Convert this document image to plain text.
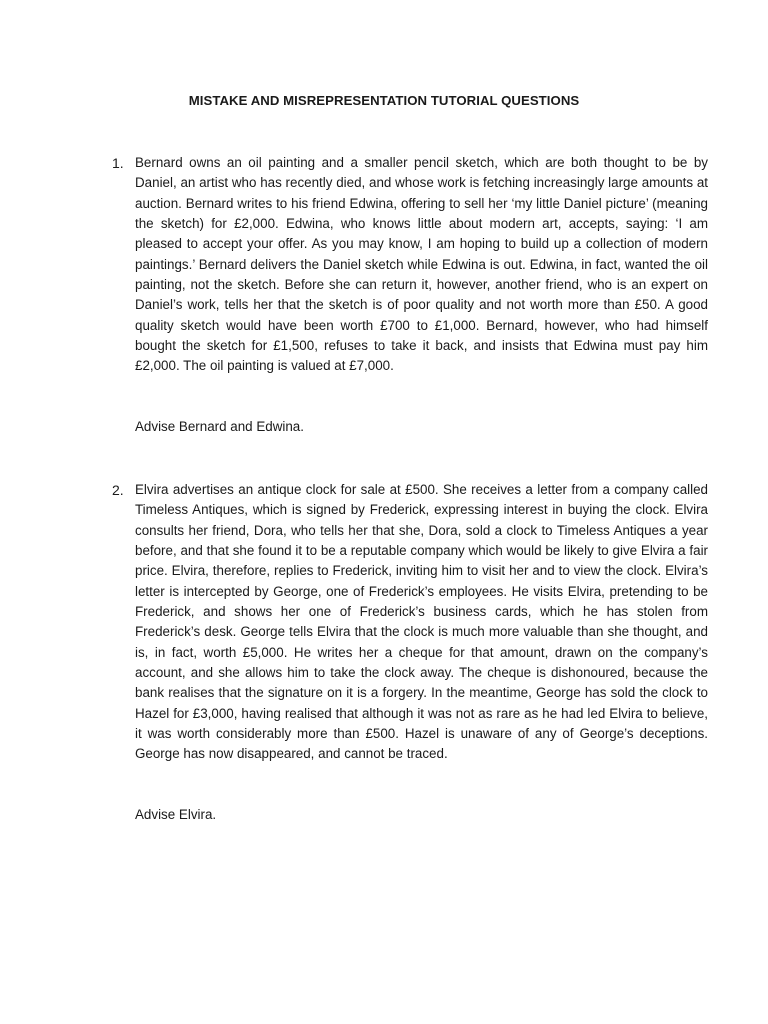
MISTAKE AND MISREPRESENTATION TUTORIAL QUESTIONS
1. Bernard owns an oil painting and a smaller pencil sketch, which are both thought to be by Daniel, an artist who has recently died, and whose work is fetching increasingly large amounts at auction. Bernard writes to his friend Edwina, offering to sell her ‘my little Daniel picture’ (meaning the sketch) for £2,000. Edwina, who knows little about modern art, accepts, saying: ‘I am pleased to accept your offer. As you may know, I am hoping to build up a collection of modern paintings.’ Bernard delivers the Daniel sketch while Edwina is out. Edwina, in fact, wanted the oil painting, not the sketch. Before she can return it, however, another friend, who is an expert on Daniel’s work, tells her that the sketch is of poor quality and not worth more than £50. A good quality sketch would have been worth £700 to £1,000. Bernard, however, who had himself bought the sketch for £1,500, refuses to take it back, and insists that Edwina must pay him £2,000. The oil painting is valued at £7,000.
Advise Bernard and Edwina.
2. Elvira advertises an antique clock for sale at £500. She receives a letter from a company called Timeless Antiques, which is signed by Frederick, expressing interest in buying the clock. Elvira consults her friend, Dora, who tells her that she, Dora, sold a clock to Timeless Antiques a year before, and that she found it to be a reputable company which would be likely to give Elvira a fair price. Elvira, therefore, replies to Frederick, inviting him to visit her and to view the clock. Elvira’s letter is intercepted by George, one of Frederick’s employees. He visits Elvira, pretending to be Frederick, and shows her one of Frederick’s business cards, which he has stolen from Frederick’s desk. George tells Elvira that the clock is much more valuable than she thought, and is, in fact, worth £5,000. He writes her a cheque for that amount, drawn on the company’s account, and she allows him to take the clock away. The cheque is dishonoured, because the bank realises that the signature on it is a forgery. In the meantime, George has sold the clock to Hazel for £3,000, having realised that although it was not as rare as he had led Elvira to believe, it was worth considerably more than £500. Hazel is unaware of any of George’s deceptions. George has now disappeared, and cannot be traced.
Advise Elvira.
